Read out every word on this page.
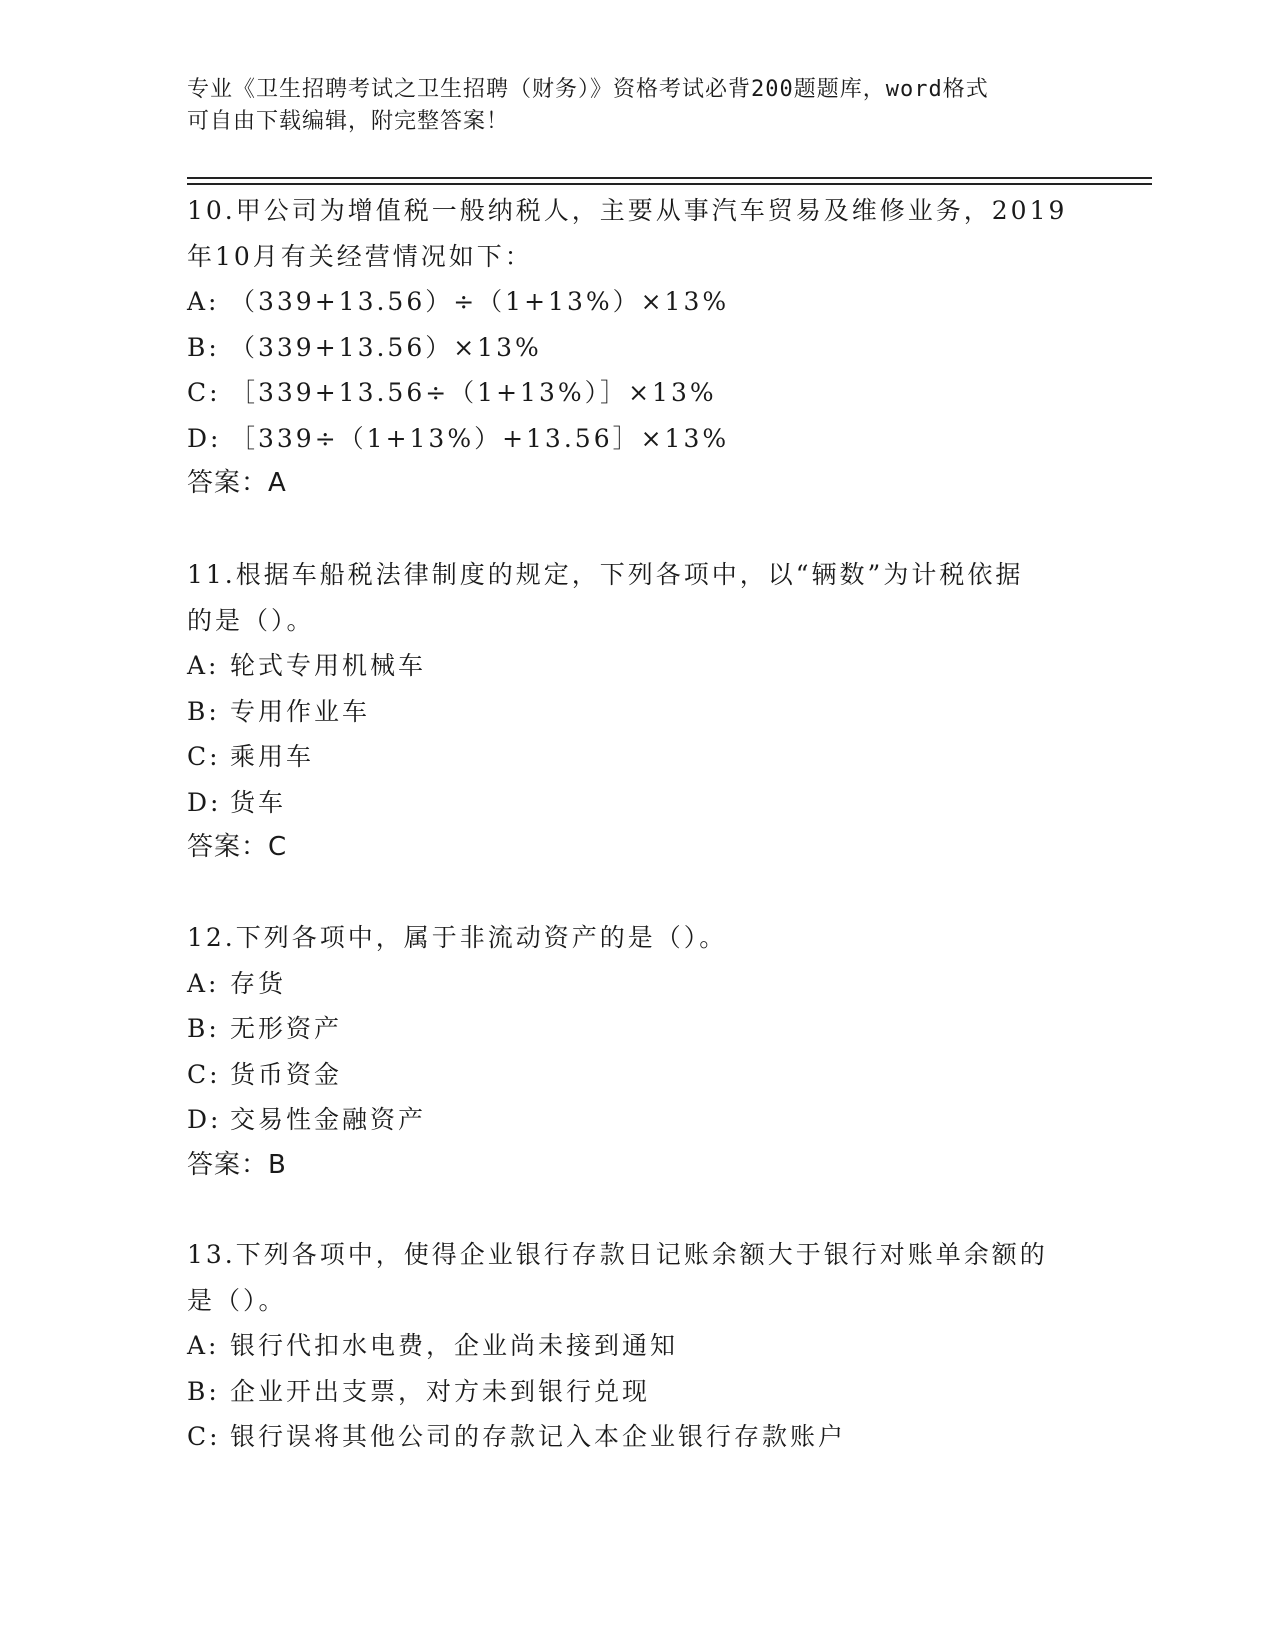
专业《卫生招聘考试之卫生招聘（财务）》资格考试必背200题题库，word格式
可自由下载编辑，附完整答案！
10.甲公司为增值税一般纳税人，主要从事汽车贸易及维修业务，2019
年10月有关经营情况如下：
A: （339+13.56）÷（1+13%）×13%
B: （339+13.56）×13%
C: ［339+13.56÷（1+13%）］×13%
D: ［339÷（1+13%）+13.56］×13%
答案：A
11.根据车船税法律制度的规定，下列各项中，以“辆数”为计税依据
的是（）。
A: 轮式专用机械车
B: 专用作业车
C: 乘用车
D: 货车
答案：C
12.下列各项中，属于非流动资产的是（）。
A: 存货
B: 无形资产
C: 货币资金
D: 交易性金融资产
答案：B
13.下列各项中，使得企业银行存款日记账余额大于银行对账单余额的
是（）。
A: 银行代扣水电费，企业尚未接到通知
B: 企业开出支票，对方未到银行兑现
C: 银行误将其他公司的存款记入本企业银行存款账户
